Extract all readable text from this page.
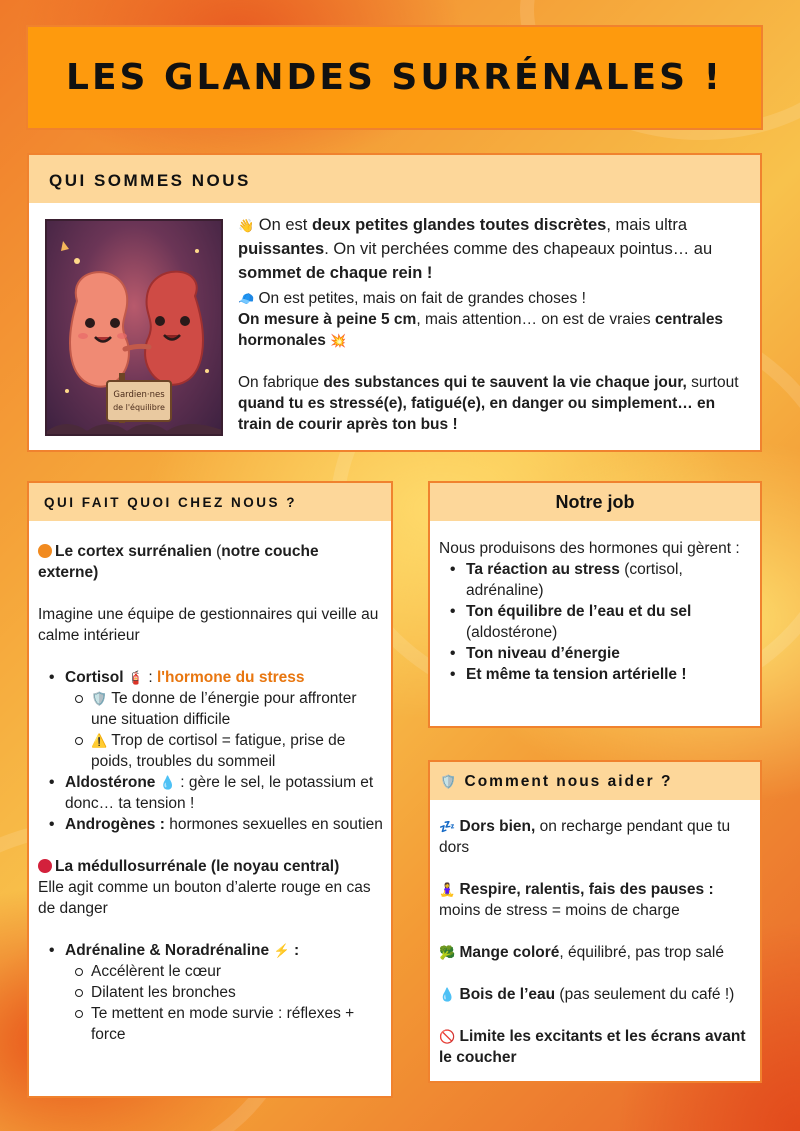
LES GLANDES SURRÉNALES !
QUI SOMMES NOUS
Gardien·nes
de l'équilibre

👋 On est deux petites glandes toutes discrètes, mais ultra puissantes. On vit perchées comme des chapeaux pointus… au sommet de chaque rein !

🧢 On est petites, mais on fait de grandes choses !

On mesure à peine 5 cm, mais attention… on est de vraies centrales hormonales 💥

On fabrique des substances qui te sauvent la vie chaque jour, surtout quand tu es stressé(e), fatigué(e), en danger ou simplement… en train de courir après ton bus !

QUI FAIT QUOI CHEZ NOUS ?

Le cortex surrénalien (notre couche externe)

Imagine une équipe de gestionnaires qui veille au calme intérieur

• Cortisol 🧯 : l'hormone du stress
🛡️ Te donne de l’énergie pour affronter une situation difficile
⚠️ Trop de cortisol = fatigue, prise de poids, troubles du sommeil
• Aldostérone 💧 : gère le sel, le potassium et donc… ta tension !
• Androgènes : hormones sexuelles en soutien

La médullosurrénale (le noyau central)

Elle agit comme un bouton d’alerte rouge en cas de danger

• Adrénaline & Noradrénaline ⚡ :
Accélèrent le cœur
Dilatent les bronches
Te mettent en mode survie : réflexes + force
Notre job

Nous produisons des hormones qui gèrent :

• Ta réaction au stress (cortisol, adrénaline)
• Ton équilibre de l’eau et du sel (aldostérone)
• Ton niveau d’énergie
• Et même ta tension artérielle !
🛡️ Comment nous aider ?

💤 Dors bien, on recharge pendant que tu dors

🧘‍♀️ Respire, ralentis, fais des pauses : moins de stress = moins de charge

🥦 Mange coloré, équilibré, pas trop salé

💧 Bois de l’eau (pas seulement du café !)

🚫 Limite les excitants et les écrans avant le coucher
